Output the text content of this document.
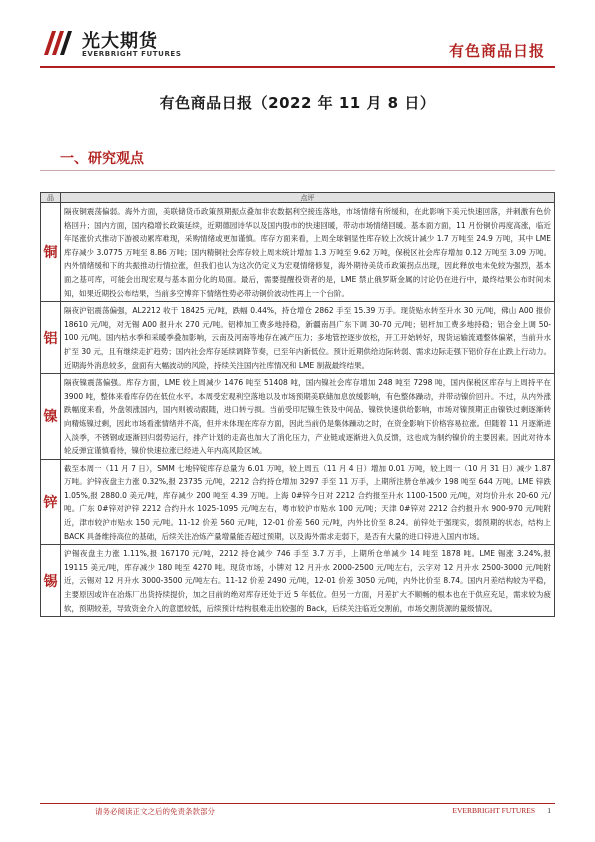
光大期货
EVERBRIGHT FUTURES	有色商品日报
有色商品日报（2022 年 11 月 8 日）
一、研究观点
品	点评
铜
隔夜铜震荡偏弱。海外方面，美联储货币政策预期振点叠加非农数据利空接连落地，市场情绪有所缓和，在此影响下美元快速回落，并刺激有色价格回升；国内方面，国内稳增长政策延续，近期德园诗华以及国内股市的快速回暖，带动市场情绪回暖。基本面方面，11 月份铜价再度高涨，临近年尾涨价式推动下游被动累库难现，采购情绪或更加谨慎。库存方面来看，上周全球铜显性库存较上次统计减少 1.7 万吨至 24.9 万吨，其中 LME 库存减少 3.0775 万吨至 8.86 万吨；国内精铜社会库存较上周末统计增加 1.3 万吨至 9.62 万吨，保税区社会库存增加 0.12 万吨至 3.09 万吨。内外情绪缓和下的共振推动行情拉涨，但我们也认为这次仍定义为宏观情绪修复，海外期待美货币政策拐点出现，因此释放电未免较为强烈，基本面之基可库，可能会出现宏观与基本面分化的局面。最后，需要提醒投资者的是，LME 禁止俄罗斯金属的讨论仍在进行中，最终结果公布时间未知，如果近期投公布结果，当前多空博弈下情绪性势必带动铜价波动性再上一个台阶。
铝
隔夜沪铝震荡偏强，AL2212 收于 18425 元/吨，跌幅 0.44%，持仓增仓 2862 手至 15.39 万手。现货贴水转至升水 30 元/吨，佛山 A00 报价 18610 元/吨，对无锡 A00 报升水 270 元/吨。铝棒加工费多地持稳，新疆南昌广东下调 30-70 元/吨；铝杆加工费多地持稳；铝合金上调 50-100 元/吨。国内枯水季和采暖季叠加影响，云南及河南等地存在减产压力；多地管控逐步放松，开工开始转好，现货运输流通整体偏紧，当前升水扩至 30 元，且有继续走扩趋势；国内社会库存延续调降节奏，已至年内新低位。预计近期供给边际转弱、需求边际走强下铝价存在止跌上行动力。近期海外消息较多，盘面有大幅波动的风险，持续关注国内社库情况和 LME 制裁最终结果。
镍
隔夜镍震荡偏强。库存方面，LME 较上周减少 1476 吨至 51408 吨，国内镍社会库存增加 248 吨至 7298 吨，国内保税区库存与上周持平在 3900 吨，整体来看库存仍在低位水平。本周受宏观利空落地以及市场预期美联储加息放缓影响，有色整体躁动，并带动镍价回升。不过，从内外涨跌幅度来看，外盘领涨国内，国内则被动跟随，进口转亏损。当前受印尼镍生铁及中间品、镍铁快速供给影响，市场对镍预期正由镍铁过剩逐渐转向精炼镍过剩，因此市场看涨情绪并不高，但并未体现在库存方面，因此当前仍是集体躁动之时，在资金影响下价格容易拉涨。但随着 11 月逐渐进入淡季，不锈钢或逐渐回归弱势运行，排产计划的走高也加大了消化压力，产业链或逐渐进入负反馈，这也成为制约镍价的主要因素。因此对待本轮反弹宜谨慎看待，镍价快速拉涨已经进入年内高风险区域。
锌
截至本周一（11 月 7 日），SMM 七地锌锭库存总量为 6.01 万吨，较上周五（11 月 4 日）增加 0.01 万吨，较上周一（10 月 31 日）减少 1.87 万吨。沪锌夜盘主力涨 0.32%,报 23735 元/吨，2212 合约持仓增加 3297 手至 11 万手，上期所注册仓单减少 198 吨至 644 万吨。LME 锌跌 1.05%,报 2880.0 美元/吨，库存减少 200 吨至 4.39 万吨。上海 0#锌今日对 2212 合约报至升水 1100-1500 元/吨，对均价升水 20-60 元/吨。广东 0#锌对沪锌 2212 合约升水 1025-1095 元/吨左右，粤市较沪市贴水 100 元/吨；天津 0#锌对 2212 合约报升水 900-970 元/吨附近，津市较沪市贴水 150 元/吨。11-12 价差 560 元/吨，12-01 价差 560 元/吨，内外比价至 8.24。前锌处于强现实，弱预期的状态，结构上 BACK 具备维持高位的基础，后续关注冶炼产量增量能否超过预期，以及海外需求走弱下，是否有大量的进口锌进入国内市场。
锡
沪锡夜盘主力涨 1.11%,报 167170 元/吨，2212 持仓减少 746 手至 3.7 万手，上期所仓单减少 14 吨至 1878 吨。LME 锡涨 3.24%,报 19115 美元/吨，库存减少 180 吨至 4270 吨。现货市场，小牌对 12 月升水 2000-2500 元/吨左右，云字对 12 月升水 2500-3000 元/吨附近，云锡对 12 月升水 3000-3500 元/吨左右。11-12 价差 2490 元/吨，12-01 价差 3050 元/吨，内外比价至 8.74。国内月差结构较为平稳，主要原因或许在冶炼厂出货持续提价，加之目前的绝对库存还处于近 5 年低位。但另一方面，月差扩大不顺畅的根本也在于供应充足，需求较为疲软，预期较差，导致资金介入的意愿较低，后续预计结构很难走出较强的 Back，后续关注临近交割前，市场交割货源的量级情况。
请务必阅读正文之后的免责条款部分	EVERBRIGHT FUTURES 1
